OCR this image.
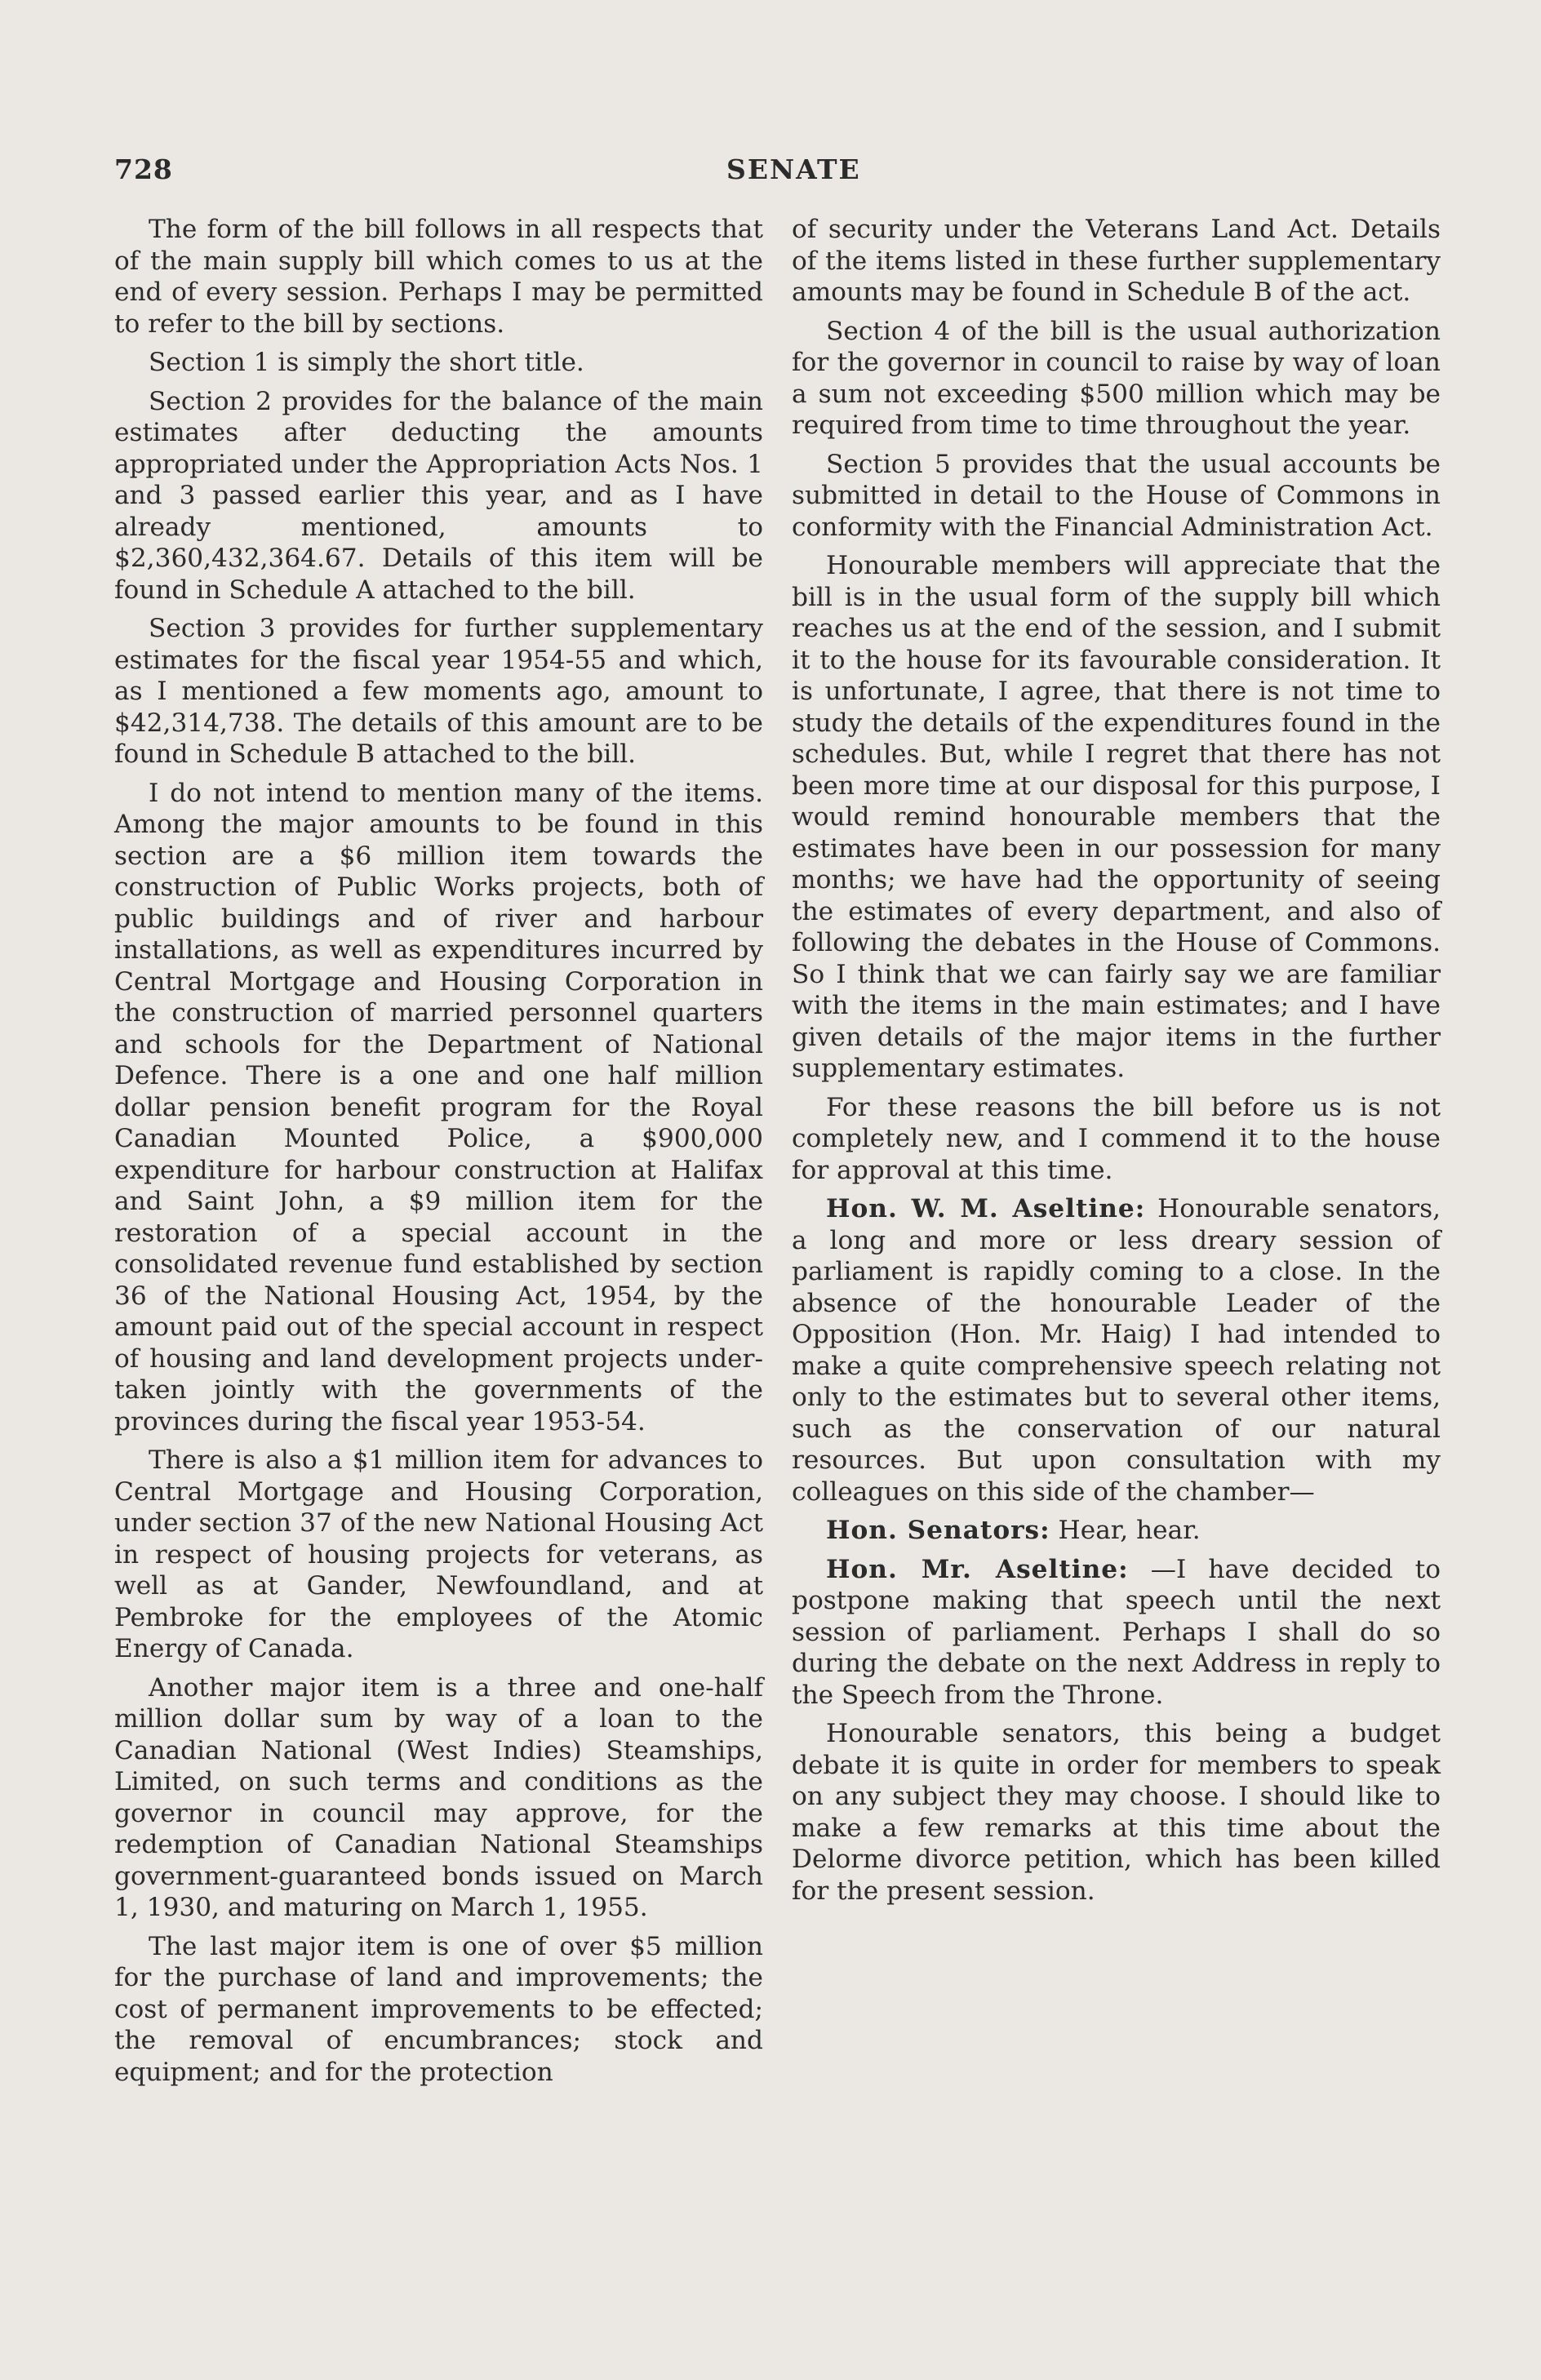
728	SENATE

The form of the bill follows in all respects that of the main supply bill which comes to us at the end of every session. Perhaps I may be permitted to refer to the bill by sections.

Section 1 is simply the short title.

Section 2 provides for the balance of the main estimates after deducting the amounts appropriated under the Appropriation Acts Nos. 1 and 3 passed earlier this year, and as I have already mentioned, amounts to $2,360,432,364.67. Details of this item will be found in Schedule A attached to the bill.

Section 3 provides for further supplementary estimates for the fiscal year 1954-55 and which, as I mentioned a few moments ago, amount to $42,314,738. The details of this amount are to be found in Schedule B attached to the bill.

I do not intend to mention many of the items. Among the major amounts to be found in this section are a $6 million item towards the construction of Public Works projects, both of public buildings and of river and harbour installations, as well as expenditures incurred by Central Mortgage and Housing Corporation in the construction of married personnel quarters and schools for the Department of National Defence. There is a one and one half million dollar pension benefit program for the Royal Canadian Mounted Police, a $900,000 expenditure for harbour construction at Halifax and Saint John, a $9 million item for the restoration of a special account in the consolidated revenue fund established by section 36 of the National Housing Act, 1954, by the amount paid out of the special account in respect of housing and land development projects undertaken jointly with the governments of the provinces during the fiscal year 1953-54.

There is also a $1 million item for advances to Central Mortgage and Housing Corporation, under section 37 of the new National Housing Act in respect of housing projects for veterans, as well as at Gander, Newfoundland, and at Pembroke for the employees of the Atomic Energy of Canada.

Another major item is a three and one-half million dollar sum by way of a loan to the Canadian National (West Indies) Steamships, Limited, on such terms and conditions as the governor in council may approve, for the redemption of Canadian National Steamships government-guaranteed bonds issued on March 1, 1930, and maturing on March 1, 1955.

The last major item is one of over $5 million for the purchase of land and improvements; the cost of permanent improvements to be effected; the removal of encumbrances; stock and equipment; and for the protection

of security under the Veterans Land Act. Details of the items listed in these further supplementary amounts may be found in Schedule B of the act.

Section 4 of the bill is the usual authorization for the governor in council to raise by way of loan a sum not exceeding $500 million which may be required from time to time throughout the year.

Section 5 provides that the usual accounts be submitted in detail to the House of Commons in conformity with the Financial Administration Act.

Honourable members will appreciate that the bill is in the usual form of the supply bill which reaches us at the end of the session, and I submit it to the house for its favourable consideration. It is unfortunate, I agree, that there is not time to study the details of the expenditures found in the schedules. But, while I regret that there has not been more time at our disposal for this purpose, I would remind honourable members that the estimates have been in our possession for many months; we have had the opportunity of seeing the estimates of every department, and also of following the debates in the House of Commons. So I think that we can fairly say we are familiar with the items in the main estimates; and I have given details of the major items in the further supplementary estimates.

For these reasons the bill before us is not completely new, and I commend it to the house for approval at this time.

Hon. W. M. Aseltine: Honourable senators, a long and more or less dreary session of parliament is rapidly coming to a close. In the absence of the honourable Leader of the Opposition (Hon. Mr. Haig) I had intended to make a quite comprehensive speech relating not only to the estimates but to several other items, such as the conservation of our natural resources. But upon consultation with my colleagues on this side of the chamber—

Hon. Senators: Hear, hear.

Hon. Mr. Aseltine: —I have decided to postpone making that speech until the next session of parliament. Perhaps I shall do so during the debate on the next Address in reply to the Speech from the Throne.

Honourable senators, this being a budget debate it is quite in order for members to speak on any subject they may choose. I should like to make a few remarks at this time about the Delorme divorce petition, which has been killed for the present session.
